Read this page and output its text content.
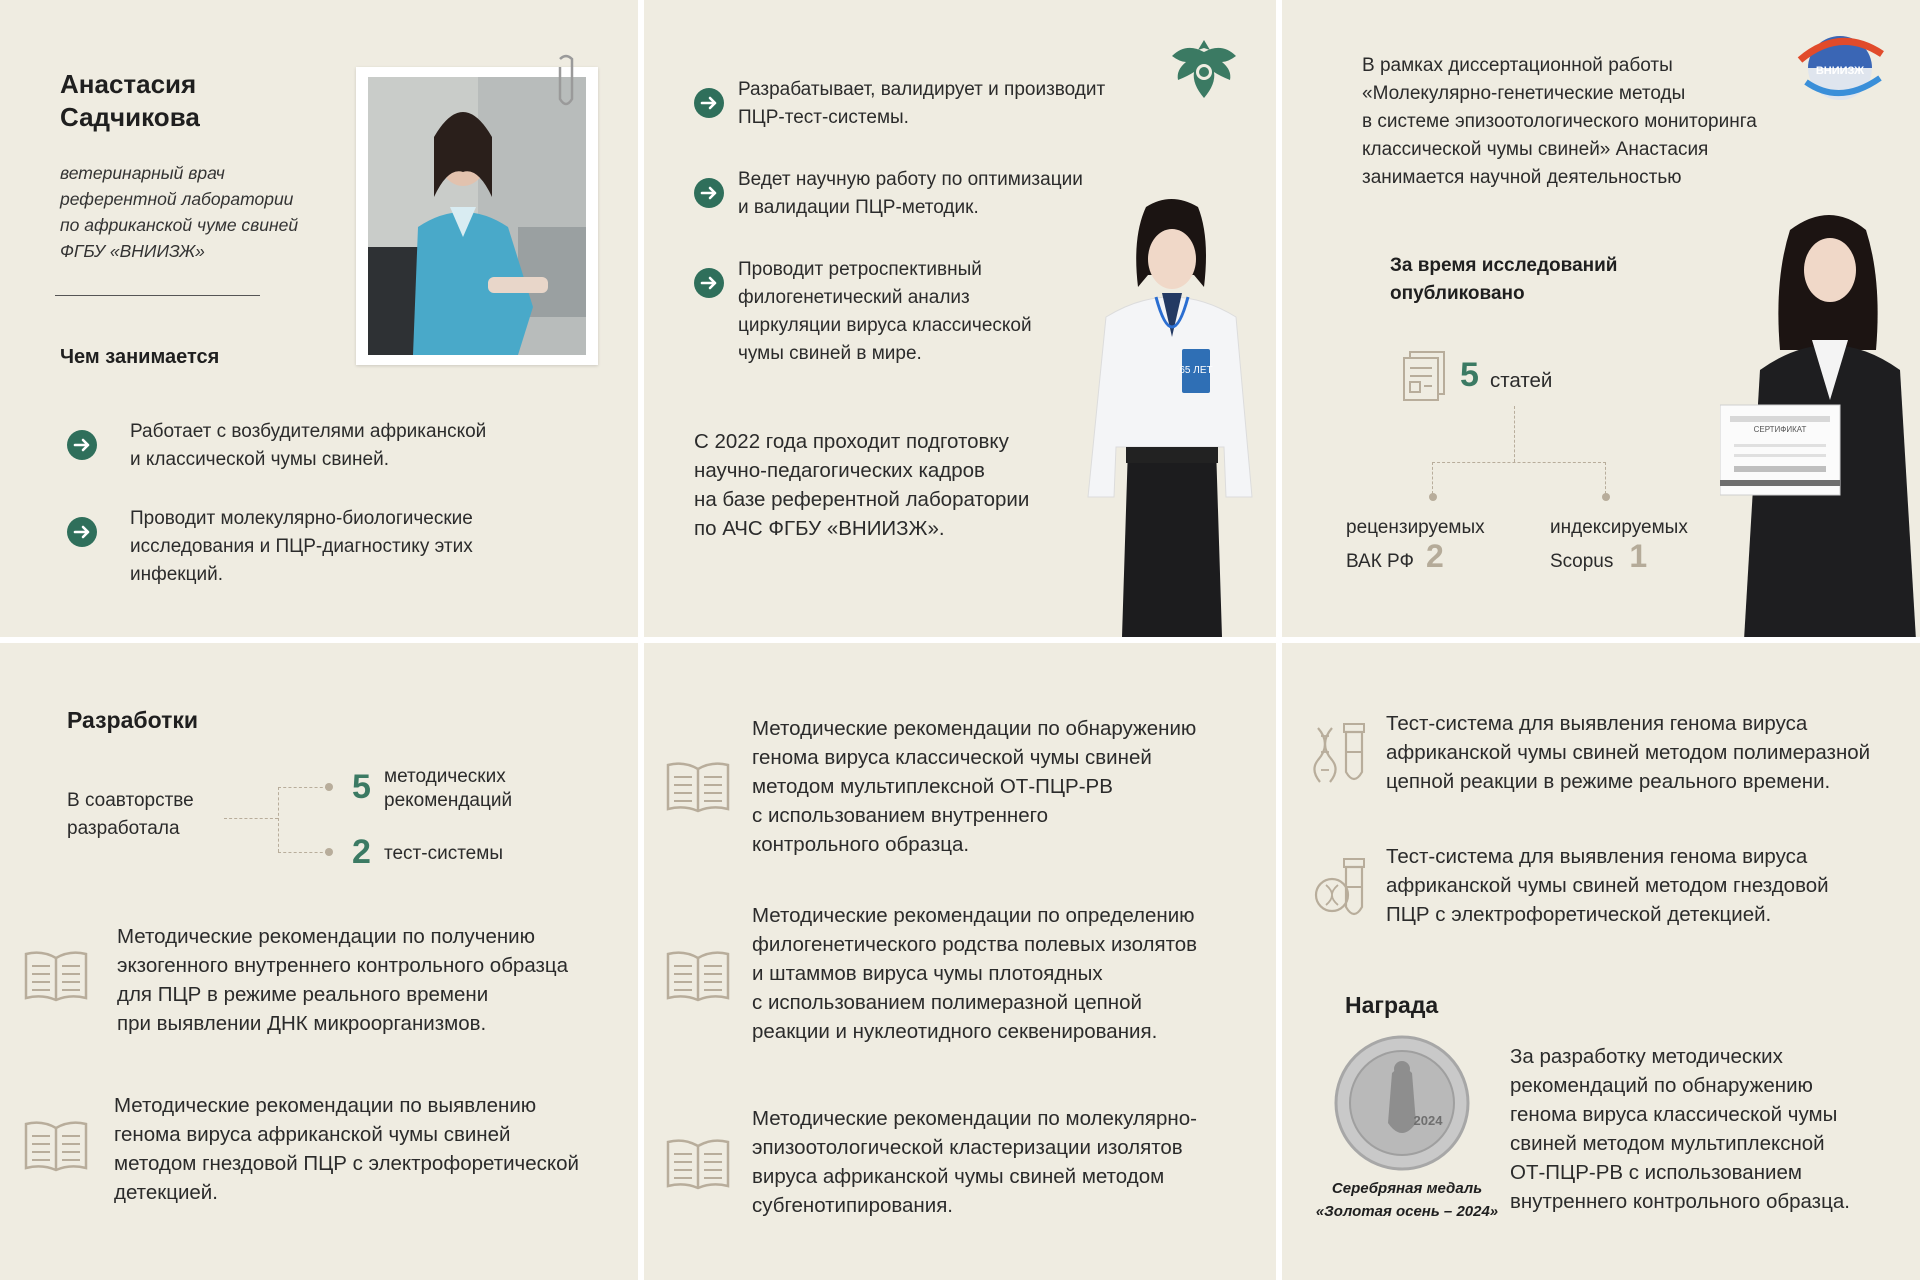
Анастасия
Садчикова
ветеринарный врач
референтной лаборатории
по африканской чуме свиней
ФГБУ «ВНИИЗЖ»
Чем занимается
Работает с возбудителями африканской
и классической чумы свиней.
Проводит молекулярно-биологические
исследования и ПЦР-диагностику этих
инфекций.
Разрабатывает, валидирует и производит
ПЦР-тест-системы.
Ведет научную работу по оптимизации
и валидации ПЦР-методик.
Проводит ретроспективный
филогенетический анализ
циркуляции вируса классической
чумы свиней в мире.
С 2022 года проходит подготовку
научно-педагогических кадров
на базе референтной лаборатории
по АЧС ФГБУ «ВНИИЗЖ».
65 ЛЕТ
ВНИИЗЖ
В рамках диссертационной работы
«Молекулярно-генетические методы
в системе эпизоотологического мониторинга
классической чумы свиней» Анастасия
занимается научной деятельностью
За время исследований
опубликовано
5 статей
рецензируемых
ВАК РФ 2
индексируемых
Scopus 1
СЕРТИФИКАТ
Разработки
В соавторстве
разработала
5 методических
рекомендаций
2 тест-системы
Методические рекомендации по получению
экзогенного внутреннего контрольного образца
для ПЦР в режиме реального времени
при выявлении ДНК микроорганизмов.
Методические рекомендации по выявлению
генома вируса африканской чумы свиней
методом гнездовой ПЦР с электрофоретической
детекцией.
Методические рекомендации по обнаружению
генома вируса классической чумы свиней
методом мультиплексной ОТ-ПЦР-РВ
с использованием внутреннего
контрольного образца.
Методические рекомендации по определению
филогенетического родства полевых изолятов
и штаммов вируса чумы плотоядных
с использованием полимеразной цепной
реакции и нуклеотидного секвенирования.
Методические рекомендации по молекулярно-
эпизоотологической кластеризации изолятов
вируса африканской чумы свиней методом
субгенотипирования.
Тест-система для выявления генома вируса
африканской чумы свиней методом полимеразной
цепной реакции в режиме реального времени.
Тест-система для выявления генома вируса
африканской чумы свиней методом гнездовой
ПЦР с электрофоретической детекцией.
Награда
2024
Серебряная медаль
«Золотая осень – 2024»
За разработку методических
рекомендаций по обнаружению
генома вируса классической чумы
свиней методом мультиплексной
ОТ-ПЦР-РВ с использованием
внутреннего контрольного образца.
